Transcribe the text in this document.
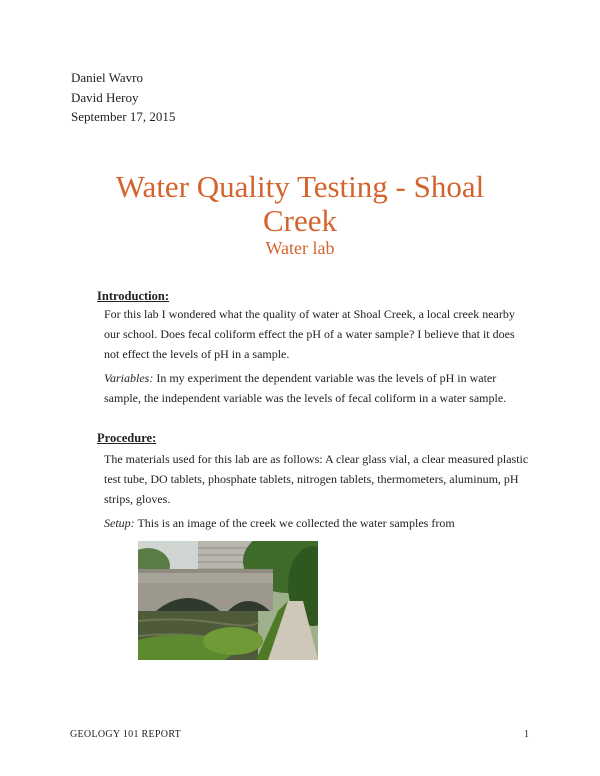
Daniel Wavro
David Heroy
September 17, 2015
Water Quality Testing - Shoal
Creek
Water lab
Introduction:

For this lab I wondered what the quality of water at Shoal Creek, a local creek nearby our school. Does fecal coliform effect the pH of a water sample? I believe that it does not effect the levels of pH in a sample.

Variables: In my experiment the dependent variable was the levels of pH in water sample, the independent variable was the levels of fecal coliform in a water sample.

Procedure:

The materials used for this lab are as follows: A clear glass vial, a clear measured plastic test tube, DO tablets, phosphate tablets, nitrogen tablets, thermometers, aluminum, pH strips, gloves.

Setup: This is an image of the creek we collected the water samples from

GEOLOGY 101 REPORT	1
